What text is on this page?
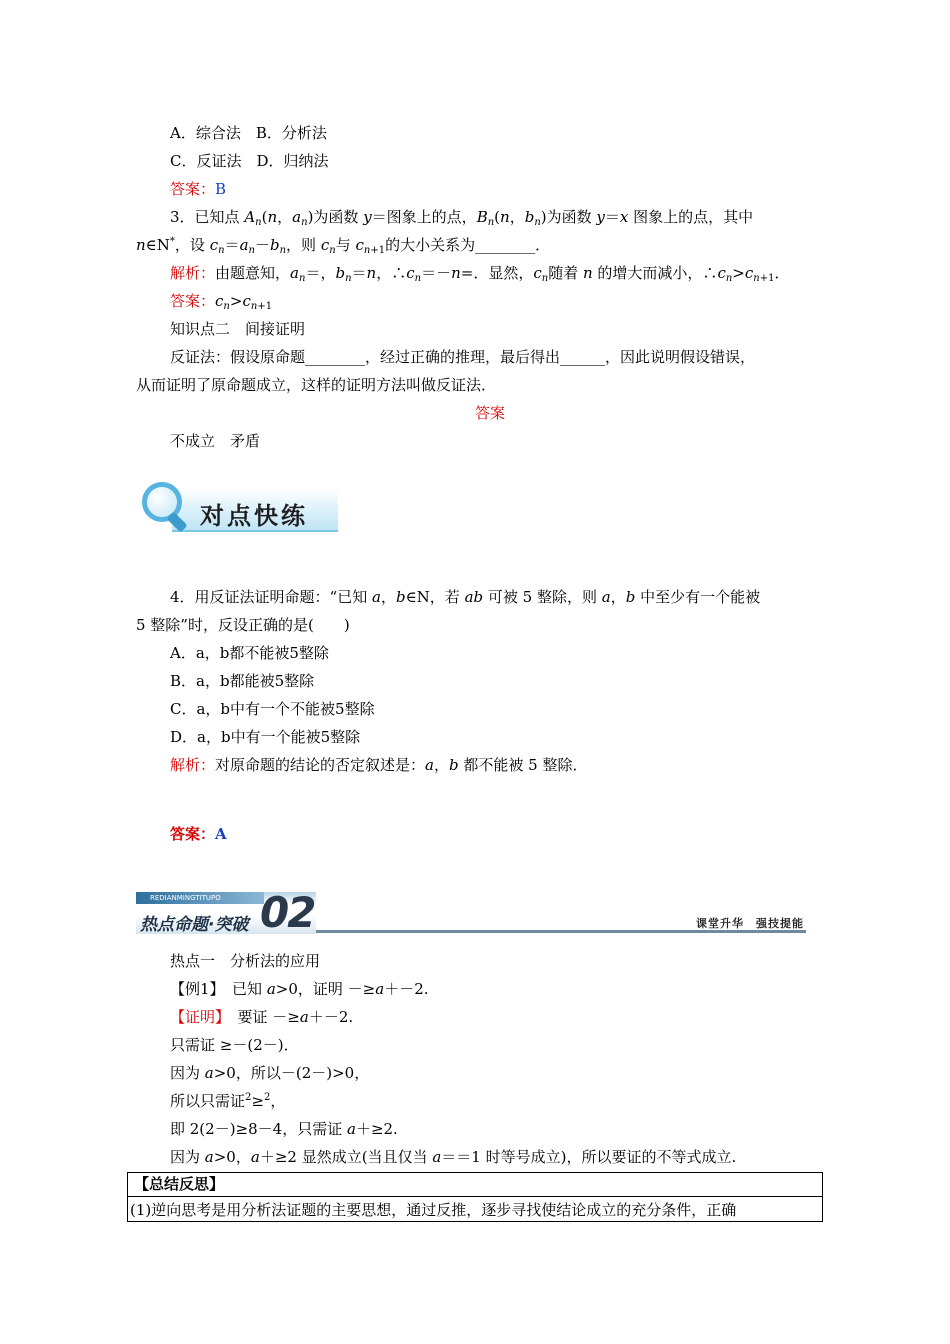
A．综合法　B．分析法
C．反证法　D．归纳法
答案：B
3．已知点 $A_n(n$，$a_n$)为函数 y＝图象上的点，$B_n(n$，$b_n$)为函数 y＝x 图象上的点，其中
n∈N*，设 $c_n=a_n-b_n$，则 $c_n$与 $c_{n+1}$的大小关系为________．
解析：由题意知，$a_n=$，$b_n=n$，$\therefore c_n=-n=$．显然，$c_n$随着 n 的增大而减小，$\therefore c_n>c_{n+1}$．
答案：$c_n>c_{n+1}$
知识点二　间接证明
反证法：假设原命题________，经过正确的推理，最后得出______，因此说明假设错误，
从而证明了原命题成立，这样的证明方法叫做反证法．
答案
不成立　矛盾
对点快练
4．用反证法证明命题：“已知 a，b∈N，若 ab 可被 5 整除，则 a，b 中至少有一个能被
5 整除”时，反设正确的是(　　)
A．a，b都不能被5整除
B．a，b都能被5整除
C．a，b中有一个不能被5整除
D．a，b中有一个能被5整除
解析：对原命题的结论的否定叙述是：a，b 都不能被 5 整除．
答案：A
REDIANMINGTITUPO
热点命题·突破 02	课堂升华　强技提能
热点一　分析法的应用
【例1】　已知 a>0，证明 －≥a＋－2.
【证明】　要证 －≥a＋－2.
只需证 ≥－(2－)．
因为 a>0，所以－(2－)>0，
所以只需证$^2$≥$^2$，
即 2(2－)≥8－4，只需证 a＋≥2.
因为 a>0，a＋≥2 显然成立(当且仅当 a＝＝1 时等号成立)，所以要证的不等式成立.
【总结反思】
(1)逆向思考是用分析法证题的主要思想，通过反推，逐步寻找使结论成立的充分条件，正确
